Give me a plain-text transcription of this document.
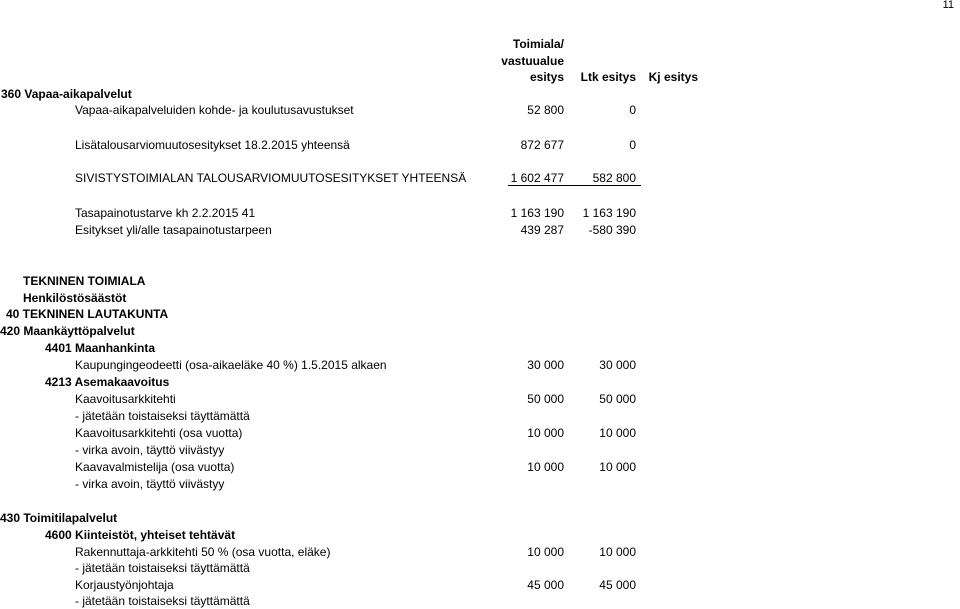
11
Toimiala/
vastuualue
esitys	Ltk esitys	Kj esitys
360 Vapaa-aikapalvelut
Vapaa-aikapalveluiden kohde- ja koulutusavustukset	52 800	0
Lisätalousarviomuutosesitykset 18.2.2015 yhteensä	872 677	0
SIVISTYSTOIMIALAN TALOUSARVIOMUUTOSESITYKSET YHTEENSÄ	1 602 477	582 800
Tasapainotustarve kh 2.2.2015 41	1 163 190	1 163 190
Esitykset yli/alle tasapainotustarpeen	439 287	-580 390
TEKNINEN TOIMIALA
Henkilöstösäästöt
40 TEKNINEN LAUTAKUNTA
420 Maankäyttöpalvelut
4401 Maanhankinta
Kaupungingeodeetti (osa-aikaeläke 40 %) 1.5.2015 alkaen	30 000	30 000
4213 Asemakaavoitus
Kaavoitusarkkitehti	50 000	50 000
- jätetään toistaiseksi täyttämättä
Kaavoitusarkkitehti (osa vuotta)	10 000	10 000
- virka avoin, täyttö viivästyy
Kaavavalmistelija (osa vuotta)	10 000	10 000
- virka avoin, täyttö viivästyy
430 Toimitilapalvelut
4600 Kiinteistöt, yhteiset tehtävät
Rakennuttaja-arkkitehti 50 % (osa vuotta, eläke)	10 000	10 000
- jätetään toistaiseksi täyttämättä
Korjaustyönjohtaja	45 000	45 000
- jätetään toistaiseksi täyttämättä
